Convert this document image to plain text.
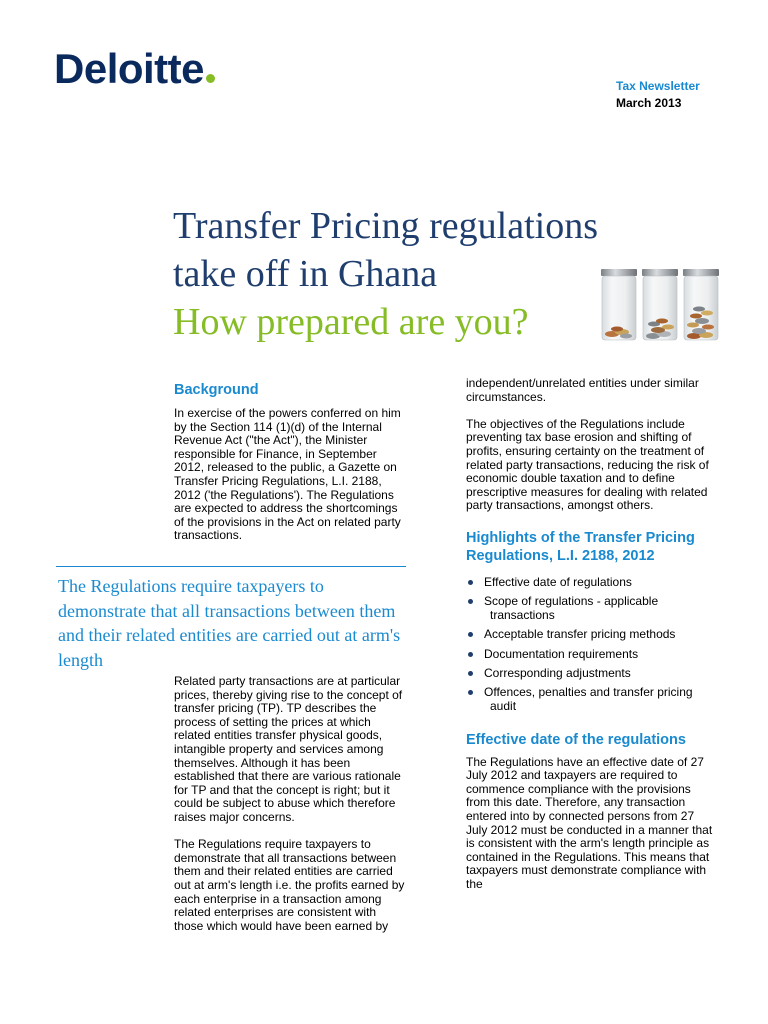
Deloitte	Tax Newsletter
March 2013
Transfer Pricing regulations
take off in Ghana
How prepared are you?
Background

In exercise of the powers conferred on him by the Section 114 (1)(d) of the Internal Revenue Act ("the Act"), the Minister responsible for Finance, in September 2012, released to the public, a Gazette on Transfer Pricing Regulations, L.I. 2188, 2012 ('the Regulations'). The Regulations are expected to address the shortcomings of the provisions in the Act on related party transactions.

The Regulations require taxpayers to demonstrate that all transactions between them and their related entities are carried out at arm's length

Related party transactions are at particular prices, thereby giving rise to the concept of transfer pricing (TP). TP describes the process of setting the prices at which related entities transfer physical goods, intangible property and services among themselves. Although it has been established that there are various rationale for TP and that the concept is right; but it could be subject to abuse which therefore raises major concerns.

The Regulations require taxpayers to demonstrate that all transactions between them and their related entities are carried out at arm's length i.e. the profits earned by each enterprise in a transaction among related enterprises are consistent with those which would have been earned by

independent/unrelated entities under similar circumstances.

The objectives of the Regulations include preventing tax base erosion and shifting of profits, ensuring certainty on the treatment of related party transactions, reducing the risk of economic double taxation and to define prescriptive measures for dealing with related party transactions, amongst others.

Highlights of the Transfer Pricing Regulations, L.I. 2188, 2012
Effective date of regulations
Scope of regulations - applicable
transactions
Acceptable transfer pricing methods
Documentation requirements
Corresponding adjustments
Offences, penalties and transfer pricing
audit
Effective date of the regulations

The Regulations have an effective date of 27 July 2012 and taxpayers are required to commence compliance with the provisions from this date. Therefore, any transaction entered into by connected persons from 27 July 2012 must be conducted in a manner that is consistent with the arm's length principle as contained in the Regulations. This means that taxpayers must demonstrate compliance with the
